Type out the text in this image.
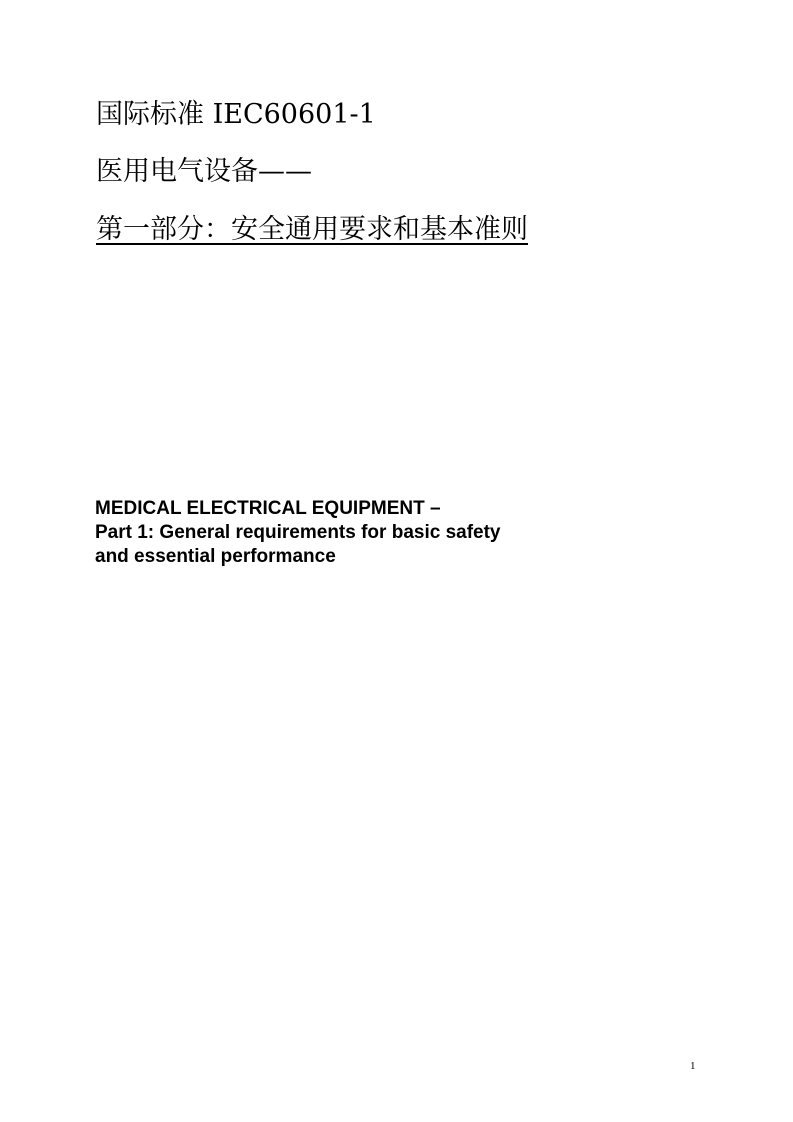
国际标准 IEC60601-1
医用电气设备——
第一部分：安全通用要求和基本准则
MEDICAL ELECTRICAL EQUIPMENT –
Part 1: General requirements for basic safety
and essential performance
1
